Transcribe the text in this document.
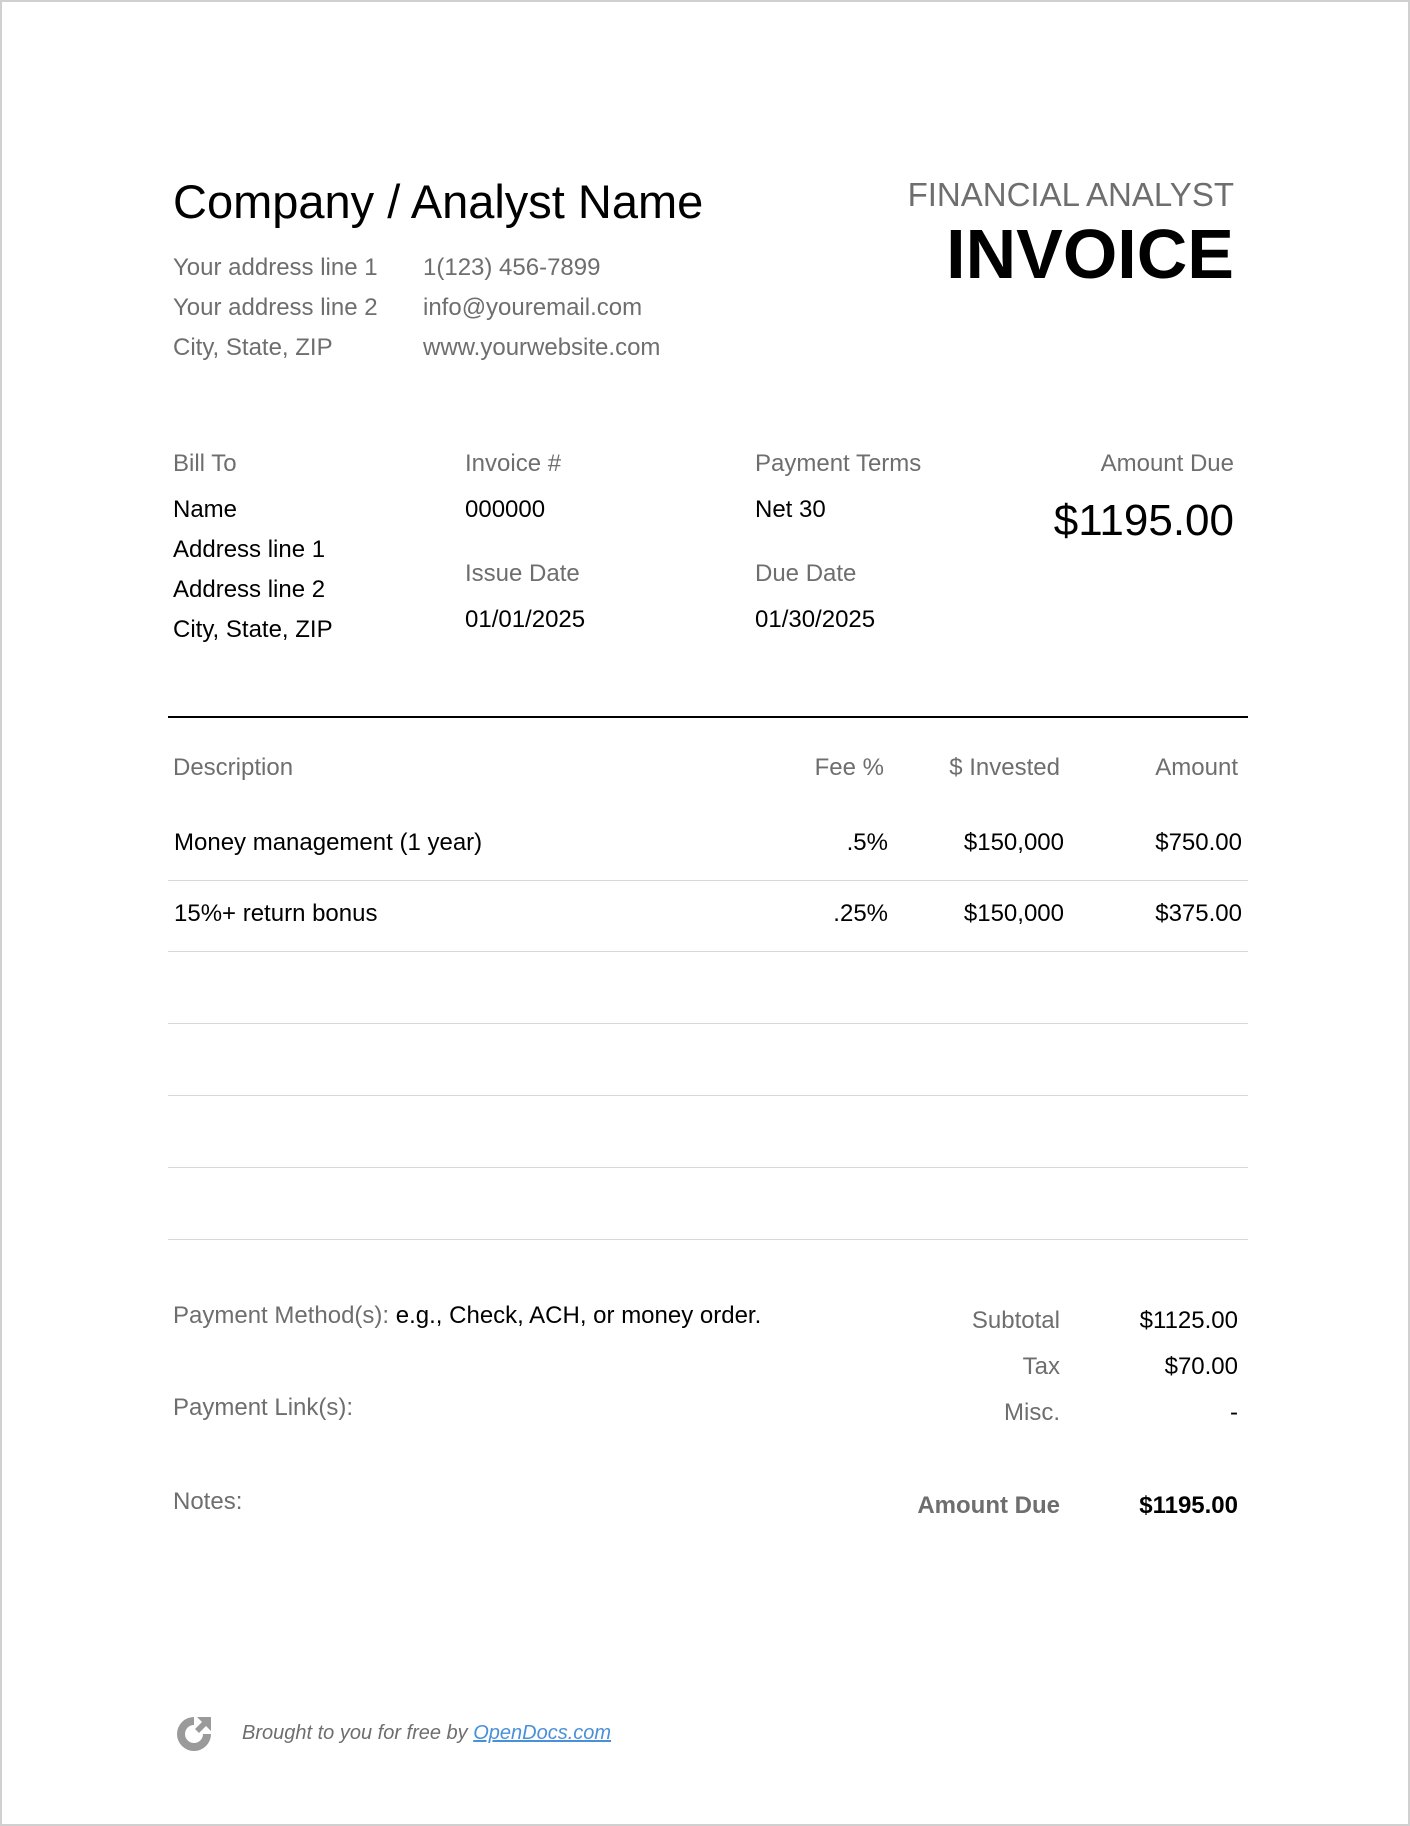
Company / Analyst Name
Your address line 1
Your address line 2
City, State, ZIP
1(123) 456-7899
info@youremail.com
www.yourwebsite.com
FINANCIAL ANALYST
INVOICE
Bill To
Name
Address line 1
Address line 2
City, State, ZIP
Invoice #
000000
Issue Date
01/01/2025
Payment Terms
Net 30
Due Date
01/30/2025
Amount Due
$1195.00
Description	Fee %	$ Invested	Amount
Money management (1 year)	.5%	$150,000	$750.00
15%+ return bonus	.25%	$150,000	$375.00
Payment Method(s): e.g., Check, ACH, or money order.
Payment Link(s):
Notes:
Subtotal	$1125.00
Tax	$70.00
Misc.	-
Amount Due	$1195.00
Brought to you for free by OpenDocs.com
